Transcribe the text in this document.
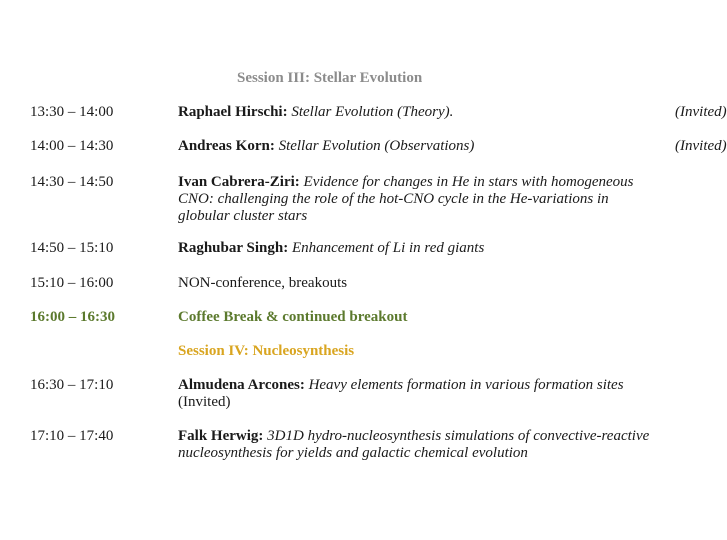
Session III: Stellar Evolution
13:30 – 14:00	Raphael Hirschi: Stellar Evolution (Theory).	(Invited)
14:00 – 14:30	Andreas Korn: Stellar Evolution (Observations)	(Invited)
14:30 – 14:50	Ivan Cabrera-Ziri: Evidence for changes in He in stars with homogeneous CNO: challenging the role of the hot-CNO cycle in the He-variations in globular cluster stars
14:50 – 15:10	Raghubar Singh: Enhancement of Li in red giants
15:10 – 16:00	NON-conference, breakouts
16:00 – 16:30	Coffee Break & continued breakout
Session IV: Nucleosynthesis
16:30 – 17:10	Almudena Arcones: Heavy elements formation in various formation sites (Invited)
17:10 – 17:40	Falk Herwig: 3D1D hydro-nucleosynthesis simulations of convective-reactive nucleosynthesis for yields and galactic chemical evolution
